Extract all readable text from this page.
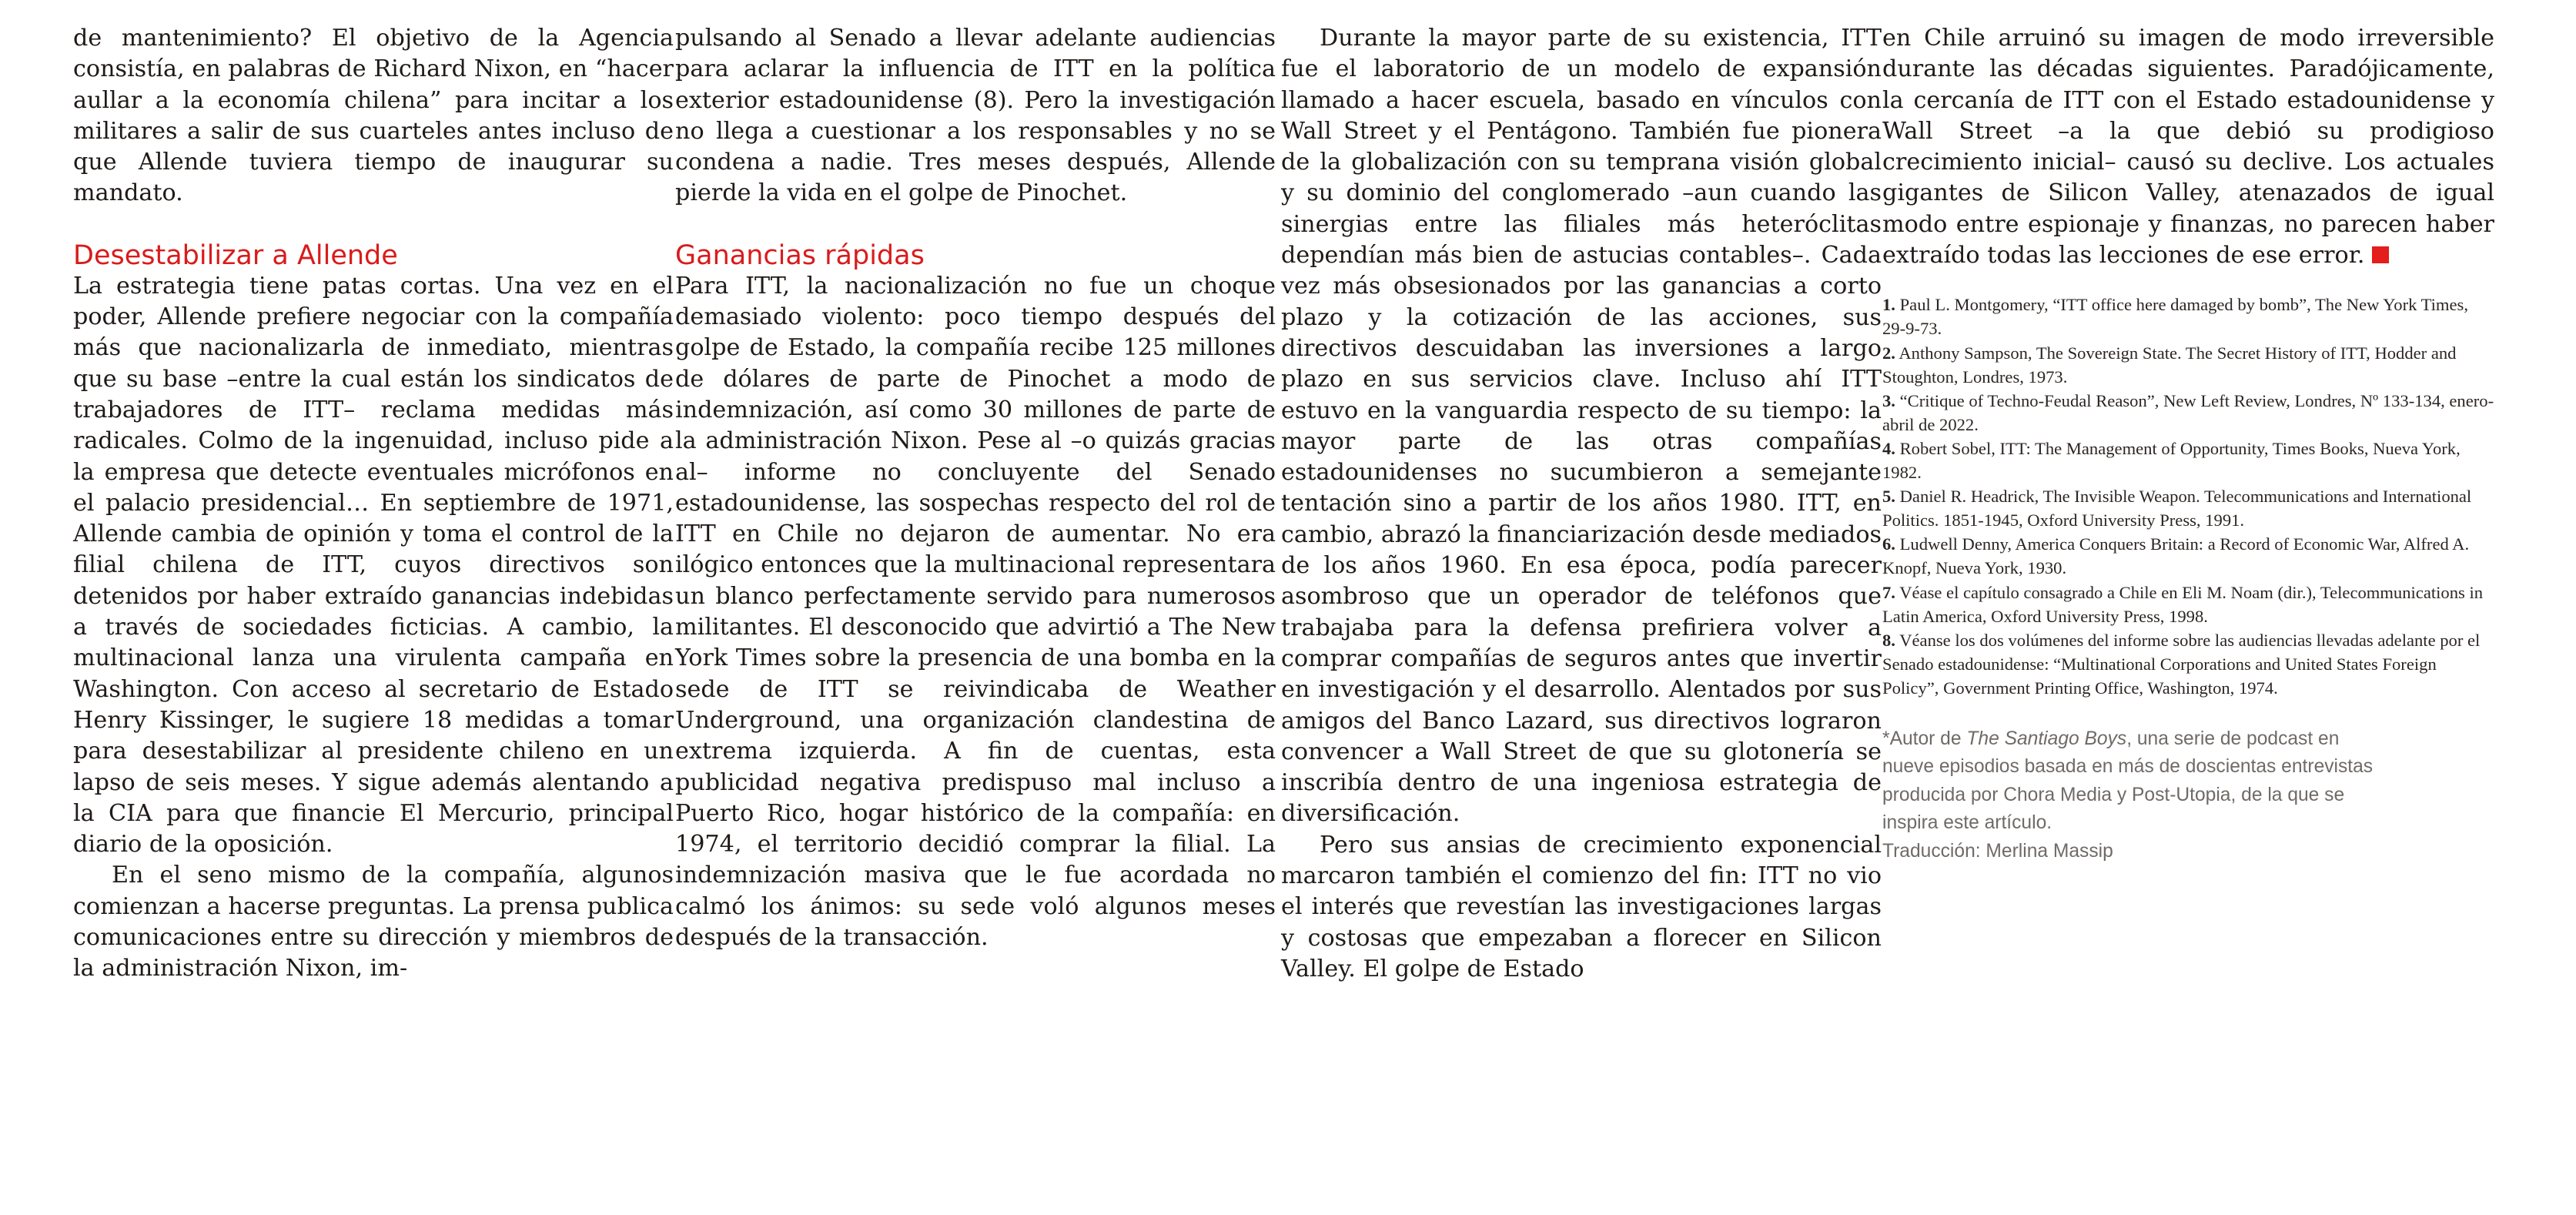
de mantenimiento? El objetivo de la Agencia consistía, en palabras de Richard Nixon, en “hacer aullar a la economía chilena” para incitar a los militares a salir de sus cuarteles antes incluso de que Allende tuviera tiempo de inaugurar su mandato.

Desestabilizar a Allende

La estrategia tiene patas cortas. Una vez en el poder, Allende prefiere negociar con la compañía más que nacionalizarla de inmediato, mientras que su base –entre la cual están los sindicatos de trabajadores de ITT– reclama medidas más radicales. Colmo de la ingenuidad, incluso pide a la empresa que detecte eventuales micrófonos en el palacio presidencial… En septiembre de 1971, Allende cambia de opinión y toma el control de la filial chilena de ITT, cuyos directivos son detenidos por haber extraído ganancias indebidas a través de sociedades ficticias. A cambio, la multinacional lanza una virulenta campaña en Washington. Con acceso al secretario de Estado Henry Kissinger, le sugiere 18 medidas a tomar para desestabilizar al presidente chileno en un lapso de seis meses. Y sigue además alentando a la CIA para que financie El Mercurio, principal diario de la oposición.

En el seno mismo de la compañía, algunos comienzan a hacerse preguntas. La prensa publica comunicaciones entre su dirección y miembros de la administración Nixon, im-

pulsando al Senado a llevar adelante audiencias para aclarar la influencia de ITT en la política exterior estadounidense (8). Pero la investigación no llega a cuestionar a los responsables y no se condena a nadie. Tres meses después, Allende pierde la vida en el golpe de Pinochet.

Ganancias rápidas

Para ITT, la nacionalización no fue un choque demasiado violento: poco tiempo después del golpe de Estado, la compañía recibe 125 millones de dólares de parte de Pinochet a modo de indemnización, así como 30 millones de parte de la administración Nixon. Pese al –o quizás gracias al– informe no concluyente del Senado estadounidense, las sospechas respecto del rol de ITT en Chile no dejaron de aumentar. No era ilógico entonces que la multinacional representara un blanco perfectamente servido para numerosos militantes. El desconocido que advirtió a The New York Times sobre la presencia de una bomba en la sede de ITT se reivindicaba de Weather Underground, una organización clandestina de extrema izquierda. A fin de cuentas, esta publicidad negativa predispuso mal incluso a Puerto Rico, hogar histórico de la compañía: en 1974, el territorio decidió comprar la filial. La indemnización masiva que le fue acordada no calmó los ánimos: su sede voló algunos meses después de la transacción.

Durante la mayor parte de su existencia, ITT fue el laboratorio de un modelo de expansión llamado a hacer escuela, basado en vínculos con Wall Street y el Pentágono. También fue pionera de la globalización con su temprana visión global y su dominio del conglomerado –aun cuando las sinergias entre las filiales más heteróclitas dependían más bien de astucias contables–. Cada vez más obsesionados por las ganancias a corto plazo y la cotización de las acciones, sus directivos descuidaban las inversiones a largo plazo en sus servicios clave. Incluso ahí ITT estuvo en la vanguardia respecto de su tiempo: la mayor parte de las otras compañías estadounidenses no sucumbieron a semejante tentación sino a partir de los años 1980. ITT, en cambio, abrazó la financiarización desde mediados de los años 1960. En esa época, podía parecer asombroso que un operador de teléfonos que trabajaba para la defensa prefiriera volver a comprar compañías de seguros antes que invertir en investigación y el desarrollo. Alentados por sus amigos del Banco Lazard, sus directivos lograron convencer a Wall Street de que su glotonería se inscribía dentro de una ingeniosa estrategia de diversificación.

Pero sus ansias de crecimiento exponencial marcaron también el comienzo del fin: ITT no vio el interés que revestían las investigaciones largas y costosas que empezaban a florecer en Silicon Valley. El golpe de Estado

en Chile arruinó su imagen de modo irreversible durante las décadas siguientes. Paradójicamente, la cercanía de ITT con el Estado estadounidense y Wall Street –a la que debió su prodigioso crecimiento inicial– causó su declive. Los actuales gigantes de Silicon Valley, atenazados de igual modo entre espionaje y finanzas, no parecen haber extraído todas las lecciones de ese error.

1. Paul L. Montgomery, “ITT office here damaged by bomb”, The New York Times, 29-9-73.

2. Anthony Sampson, The Sovereign State. The Secret History of ITT, Hodder and Stoughton, Londres, 1973.

3. “Critique of Techno-Feudal Reason”, New Left Review, Londres, Nº 133-134, enero-abril de 2022.

4. Robert Sobel, ITT: The Management of Opportunity, Times Books, Nueva York, 1982.

5. Daniel R. Headrick, The Invisible Weapon. Telecommunications and International Politics. 1851-1945, Oxford University Press, 1991.

6. Ludwell Denny, America Conquers Britain: a Record of Economic War, Alfred A. Knopf, Nueva York, 1930.

7. Véase el capítulo consagrado a Chile en Eli M. Noam (dir.), Telecommunications in Latin America, Oxford University Press, 1998.

8. Véanse los dos volúmenes del informe sobre las audiencias llevadas adelante por el Senado estadounidense: “Multinational Corporations and United States Foreign Policy”, Government Printing Office, Washington, 1974.

*Autor de The Santiago Boys, una serie de podcast en nueve episodios basada en más de doscientas entrevistas producida por Chora Media y Post-Utopia, de la que se inspira este artículo.
Traducción: Merlina Massip
